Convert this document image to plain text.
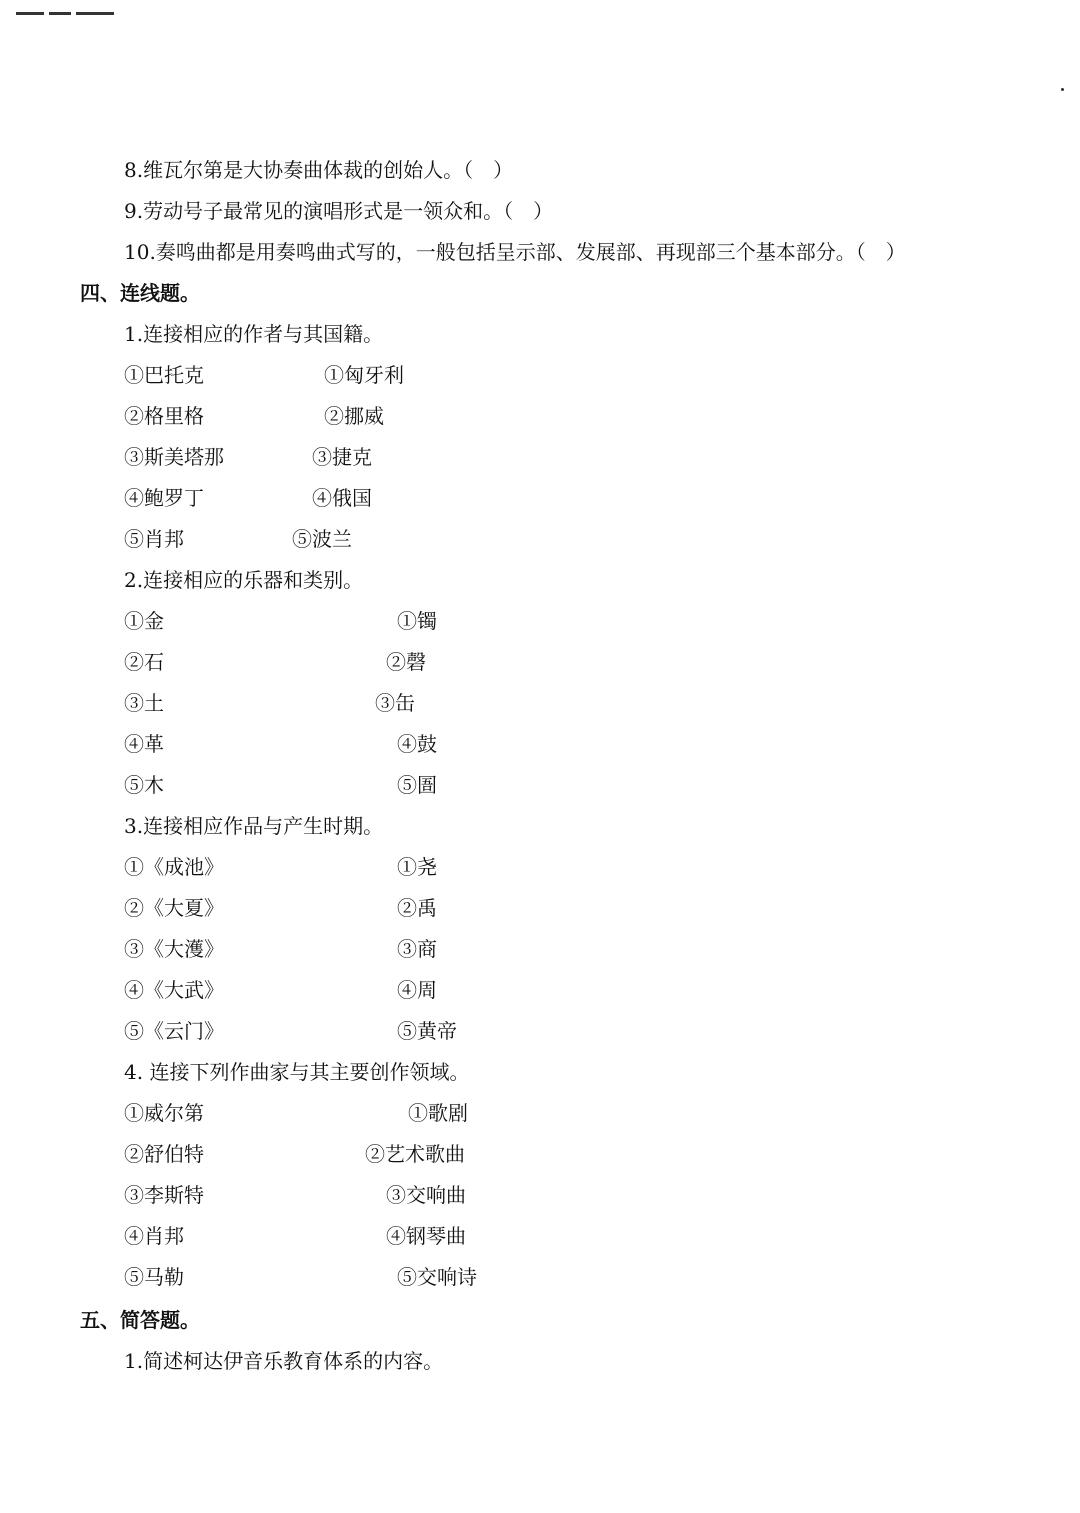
8.维瓦尔第是大协奏曲体裁的创始人。（　）
9.劳动号子最常见的演唱形式是一领众和。（　）
10.奏鸣曲都是用奏鸣曲式写的，一般包括呈示部、发展部、再现部三个基本部分。（　）
四、连线题。
1.连接相应的作者与其国籍。
①巴托克	①匈牙利
②格里格	②挪威
③斯美塔那	③捷克
④鲍罗丁	④俄国
⑤肖邦	⑤波兰
2.连接相应的乐器和类别。
①金	①镯
②石	②磬
③土	③缶
④革	④鼓
⑤木	⑤圄
3.连接相应作品与产生时期。
①《成池》	①尧
②《大夏》	②禹
③《大濩》	③商
④《大武》	④周
⑤《云门》	⑤黄帝
4. 连接下列作曲家与其主要创作领域。
①威尔第	①歌剧
②舒伯特	②艺术歌曲
③李斯特	③交响曲
④肖邦	④钢琴曲
⑤马勒	⑤交响诗
五、简答题。
1.简述柯达伊音乐教育体系的内容。
